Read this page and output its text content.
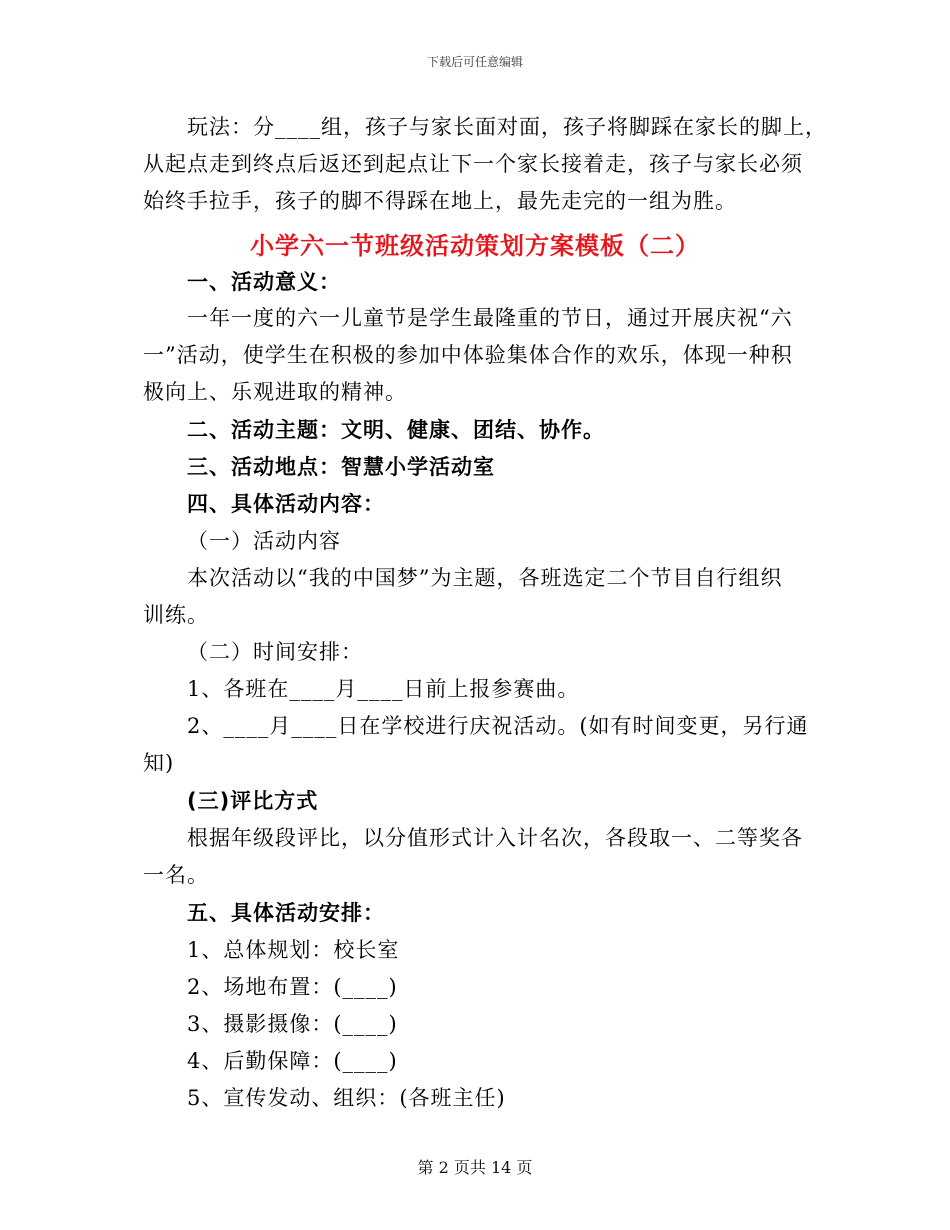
下载后可任意编辑
玩法：分____组，孩子与家长面对面，孩子将脚踩在家长的脚上，
从起点走到终点后返还到起点让下一个家长接着走，孩子与家长必须
始终手拉手，孩子的脚不得踩在地上，最先走完的一组为胜。
小学六一节班级活动策划方案模板（二）
一、活动意义：
一年一度的六一儿童节是学生最隆重的节日，通过开展庆祝“六
一”活动，使学生在积极的参加中体验集体合作的欢乐，体现一种积
极向上、乐观进取的精神。
二、活动主题：文明、健康、团结、协作。
三、活动地点：智慧小学活动室
四、具体活动内容：
（一）活动内容
本次活动以“我的中国梦”为主题，各班选定二个节目自行组织
训练。
（二）时间安排：
1、各班在____月____日前上报参赛曲。
2、____月____日在学校进行庆祝活动。(如有时间变更，另行通
知)
(三)评比方式
根据年级段评比，以分值形式计入计名次，各段取一、二等奖各
一名。
五、具体活动安排：
1、总体规划：校长室
2、场地布置：(____)
3、摄影摄像：(____)
4、后勤保障：(____)
5、宣传发动、组织：(各班主任)
第 2 页共 14 页
